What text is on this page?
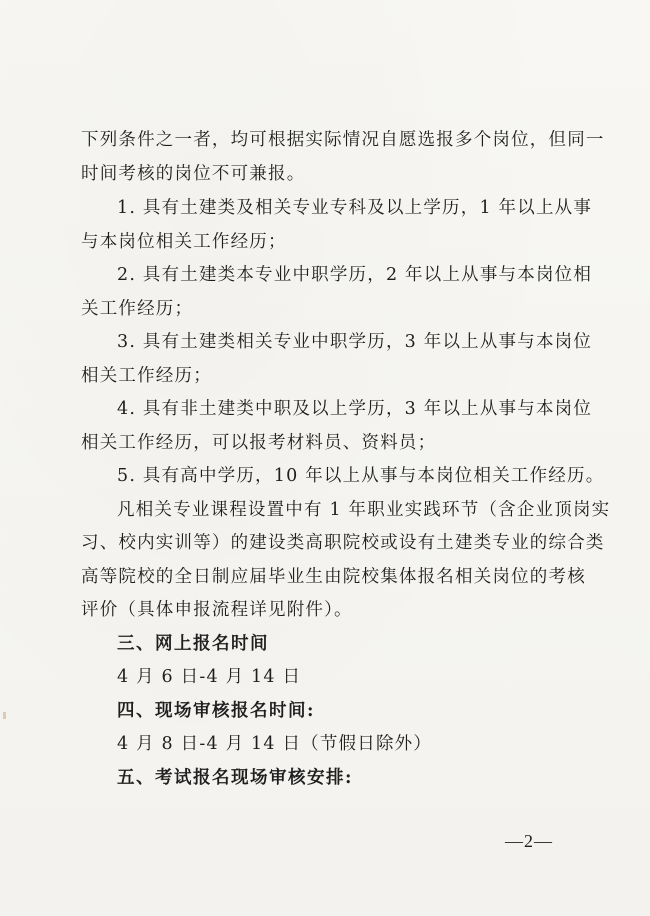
下列条件之一者，均可根据实际情况自愿选报多个岗位，但同一
时间考核的岗位不可兼报。
1. 具有土建类及相关专业专科及以上学历，1 年以上从事
与本岗位相关工作经历；
2. 具有土建类本专业中职学历，2 年以上从事与本岗位相
关工作经历；
3. 具有土建类相关专业中职学历，3 年以上从事与本岗位
相关工作经历；
4. 具有非土建类中职及以上学历，3 年以上从事与本岗位
相关工作经历，可以报考材料员、资料员；
5. 具有高中学历，10 年以上从事与本岗位相关工作经历。
凡相关专业课程设置中有 1 年职业实践环节（含企业顶岗实
习、校内实训等）的建设类高职院校或设有土建类专业的综合类
高等院校的全日制应届毕业生由院校集体报名相关岗位的考核
评价（具体申报流程详见附件）。
三、网上报名时间
4 月 6 日-4 月 14 日
四、现场审核报名时间:
4 月 8 日-4 月 14 日（节假日除外）
五、考试报名现场审核安排:
—2—
